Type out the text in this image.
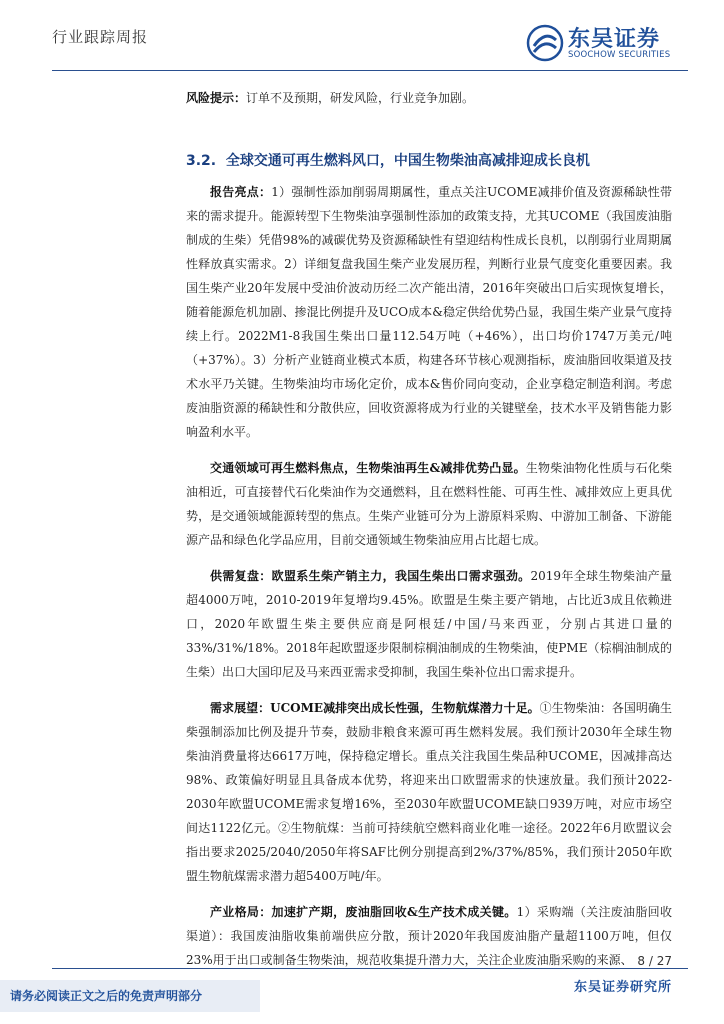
行业跟踪周报	东吴证券
SOOCHOW SECURITIES

风险提示：订单不及预期，研发风险，行业竞争加剧。

3.2. 全球交通可再生燃料风口，中国生物柴油高减排迎成长良机

报告亮点：1）强制性添加削弱周期属性，重点关注UCOME减排价值及资源稀缺性带来的需求提升。能源转型下生物柴油享强制性添加的政策支持，尤其UCOME（我国废油脂制成的生柴）凭借98%的减碳优势及资源稀缺性有望迎结构性成长良机，以削弱行业周期属性释放真实需求。2）详细复盘我国生柴产业发展历程，判断行业景气度变化重要因素。我国生柴产业20年发展中受油价波动历经二次产能出清，2016年突破出口后实现恢复增长，随着能源危机加剧、掺混比例提升及UCO成本&稳定供给优势凸显，我国生柴产业景气度持续上行。2022M1-8我国生柴出口量112.54万吨（+46%），出口均价1747万美元/吨（+37%）。3）分析产业链商业模式本质，构建各环节核心观测指标，废油脂回收渠道及技术水平乃关键。生物柴油均市场化定价，成本&售价同向变动，企业享稳定制造利润。考虑废油脂资源的稀缺性和分散供应，回收资源将成为行业的关键壁垒，技术水平及销售能力影响盈利水平。

交通领域可再生燃料焦点，生物柴油再生&减排优势凸显。生物柴油物化性质与石化柴油相近，可直接替代石化柴油作为交通燃料，且在燃料性能、可再生性、减排效应上更具优势，是交通领域能源转型的焦点。生柴产业链可分为上游原料采购、中游加工制备、下游能源产品和绿色化学品应用，目前交通领域生物柴油应用占比超七成。

供需复盘：欧盟系生柴产销主力，我国生柴出口需求强劲。2019年全球生物柴油产量超4000万吨，2010-2019年复增均9.45%。欧盟是生柴主要产销地，占比近3成且依赖进口，2020年欧盟生柴主要供应商是阿根廷/中国/马来西亚，分别占其进口量的33%/31%/18%。2018年起欧盟逐步限制棕榈油制成的生物柴油，使PME（棕榈油制成的生柴）出口大国印尼及马来西亚需求受抑制，我国生柴补位出口需求提升。

需求展望：UCOME减排突出成长性强，生物航煤潜力十足。①生物柴油：各国明确生柴强制添加比例及提升节奏，鼓励非粮食来源可再生燃料发展。我们预计2030年全球生物柴油消费量将达6617万吨，保持稳定增长。重点关注我国生柴品种UCOME，因减排高达98%、政策偏好明显且具备成本优势，将迎来出口欧盟需求的快速放量。我们预计2022-2030年欧盟UCOME需求复增16%，至2030年欧盟UCOME缺口939万吨，对应市场空间达1122亿元。②生物航煤：当前可持续航空燃料商业化唯一途径。2022年6月欧盟议会指出要求2025/2040/2050年将SAF比例分别提高到2%/37%/85%，我们预计2050年欧盟生物航煤需求潜力超5400万吨/年。

产业格局：加速扩产期，废油脂回收&生产技术成关键。1）采购端（关注废油脂回收渠道）：我国废油脂收集前端供应分散，预计2020年我国废油脂产量超1100万吨，但仅23%用于出口或制备生物柴油，规范收集提升潜力大，关注企业废油脂采购的来源、 8 / 27
请务必阅读正文之后的免责声明部分
东吴证券研究所
